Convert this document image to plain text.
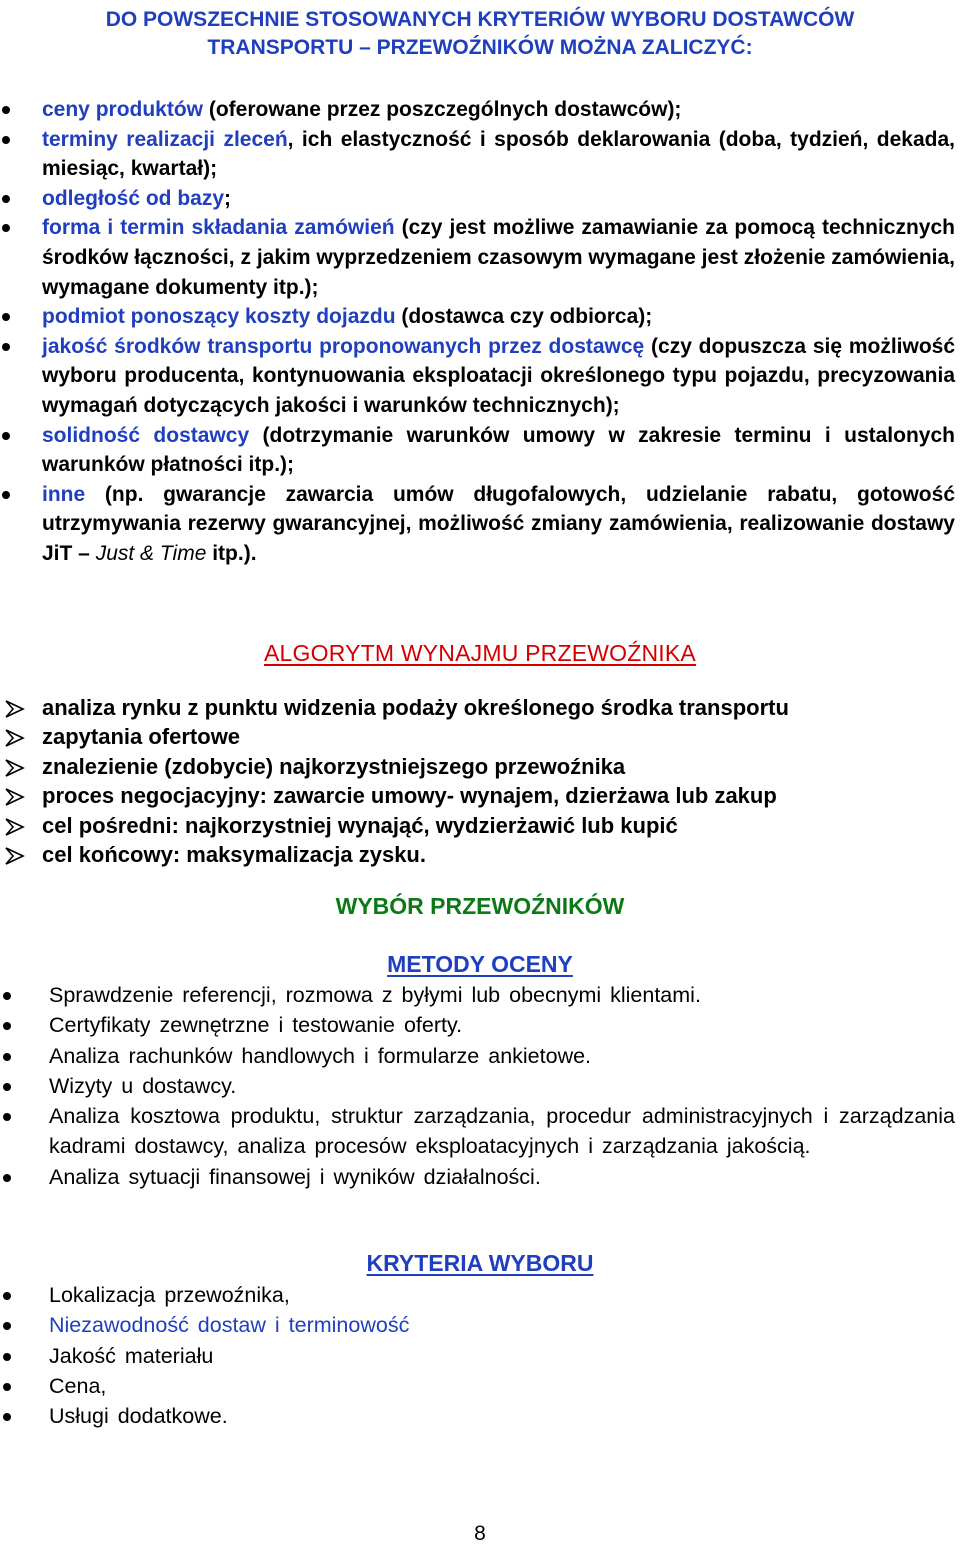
DO POWSZECHNIE STOSOWANYCH KRYTERIÓW WYBORU DOSTAWCÓW
TRANSPORTU – PRZEWOŹNIKÓW MOŻNA ZALICZYĆ:
ceny produktów (oferowane przez poszczególnych dostawców);
terminy realizacji zleceń, ich elastyczność i sposób deklarowania (doba, tydzień, dekada, miesiąc, kwartał);
odległość od bazy;
forma i termin składania zamówień (czy jest możliwe zamawianie za pomocą technicznych środków łączności, z jakim wyprzedzeniem czasowym wymagane jest złożenie zamówienia, wymagane dokumenty itp.);
podmiot ponoszący koszty dojazdu (dostawca czy odbiorca);
jakość środków transportu proponowanych przez dostawcę (czy dopuszcza się możliwość wyboru producenta, kontynuowania eksploatacji określonego typu pojazdu, precyzowania wymagań dotyczących jakości i warunków technicznych);
solidność dostawcy (dotrzymanie warunków umowy w zakresie terminu i ustalonych warunków płatności itp.);
inne (np. gwarancje zawarcia umów długofalowych, udzielanie rabatu, gotowość utrzymywania rezerwy gwarancyjnej, możliwość zmiany zamówienia, realizowanie dostawy JiT – Just & Time itp.).
ALGORYTM WYNAJMU PRZEWOŹNIKA
analiza rynku z punktu widzenia podaży określonego środka transportu
zapytania ofertowe
znalezienie (zdobycie) najkorzystniejszego przewoźnika
proces negocjacyjny: zawarcie umowy- wynajem, dzierżawa lub zakup
cel pośredni: najkorzystniej wynająć, wydzierżawić lub kupić
cel końcowy: maksymalizacja zysku.
WYBÓR PRZEWOŹNIKÓW
METODY OCENY
Sprawdzenie referencji, rozmowa z byłymi lub obecnymi klientami.
Certyfikaty zewnętrzne i testowanie oferty.
Analiza rachunków handlowych i formularze ankietowe.
Wizyty u dostawcy.
Analiza kosztowa produktu, struktur zarządzania, procedur administracyjnych i zarządzania kadrami dostawcy, analiza procesów eksploatacyjnych i zarządzania jakością.
Analiza sytuacji finansowej i wyników działalności.
KRYTERIA WYBORU
Lokalizacja przewoźnika,
Niezawodność dostaw i terminowość
Jakość materiału
Cena,
Usługi dodatkowe.
8
